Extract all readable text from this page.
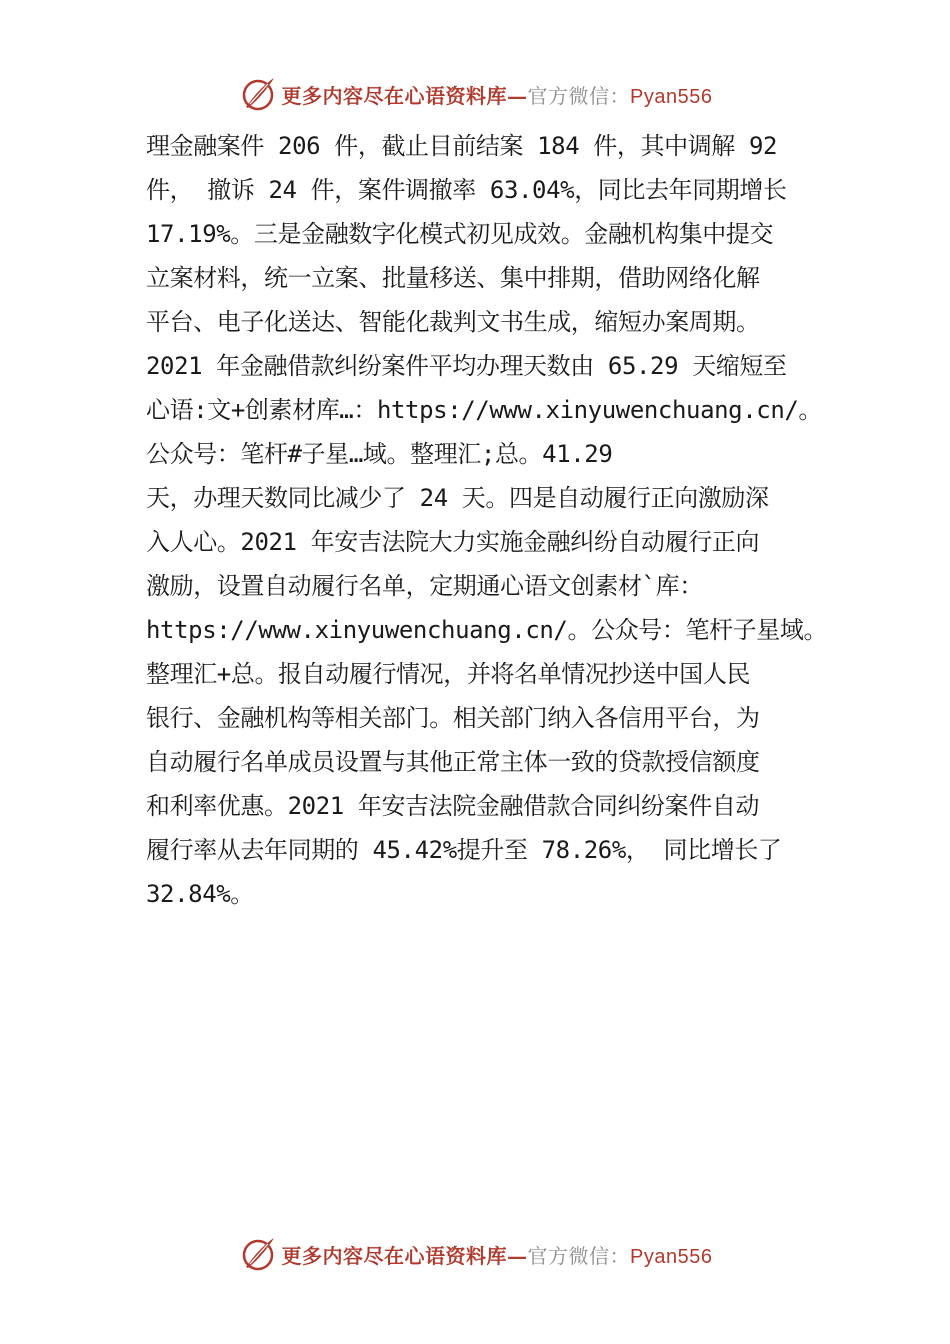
更多内容尽在心语资料库—官方微信：Pyan556
理金融案件 206 件，截止目前结案 184 件，其中调解 92
件， 撤诉 24 件，案件调撤率 63.04%，同比去年同期增长
17.19%。三是金融数字化模式初见成效。金融机构集中提交
立案材料，统一立案、批量移送、集中排期，借助网络化解
平台、电子化送达、智能化裁判文书生成，缩短办案周期。
2021 年金融借款纠纷案件平均办理天数由 65.29 天缩短至
心语:文+创素材库…：https://www.xinyuwenchuang.cn/。
公众号：笔杆#子星…域。整理汇;总。41.29
天，办理天数同比减少了 24 天。四是自动履行正向激励深
入人心。2021 年安吉法院大力实施金融纠纷自动履行正向
激励，设置自动履行名单，定期通心语文创素材`库：
https://www.xinyuwenchuang.cn/。公众号：笔杆子星域。
整理汇+总。报自动履行情况，并将名单情况抄送中国人民
银行、金融机构等相关部门。相关部门纳入各信用平台，为
自动履行名单成员设置与其他正常主体一致的贷款授信额度
和利率优惠。2021 年安吉法院金融借款合同纠纷案件自动
履行率从去年同期的 45.42%提升至 78.26%， 同比增长了
32.84%。
更多内容尽在心语资料库—官方微信：Pyan556
